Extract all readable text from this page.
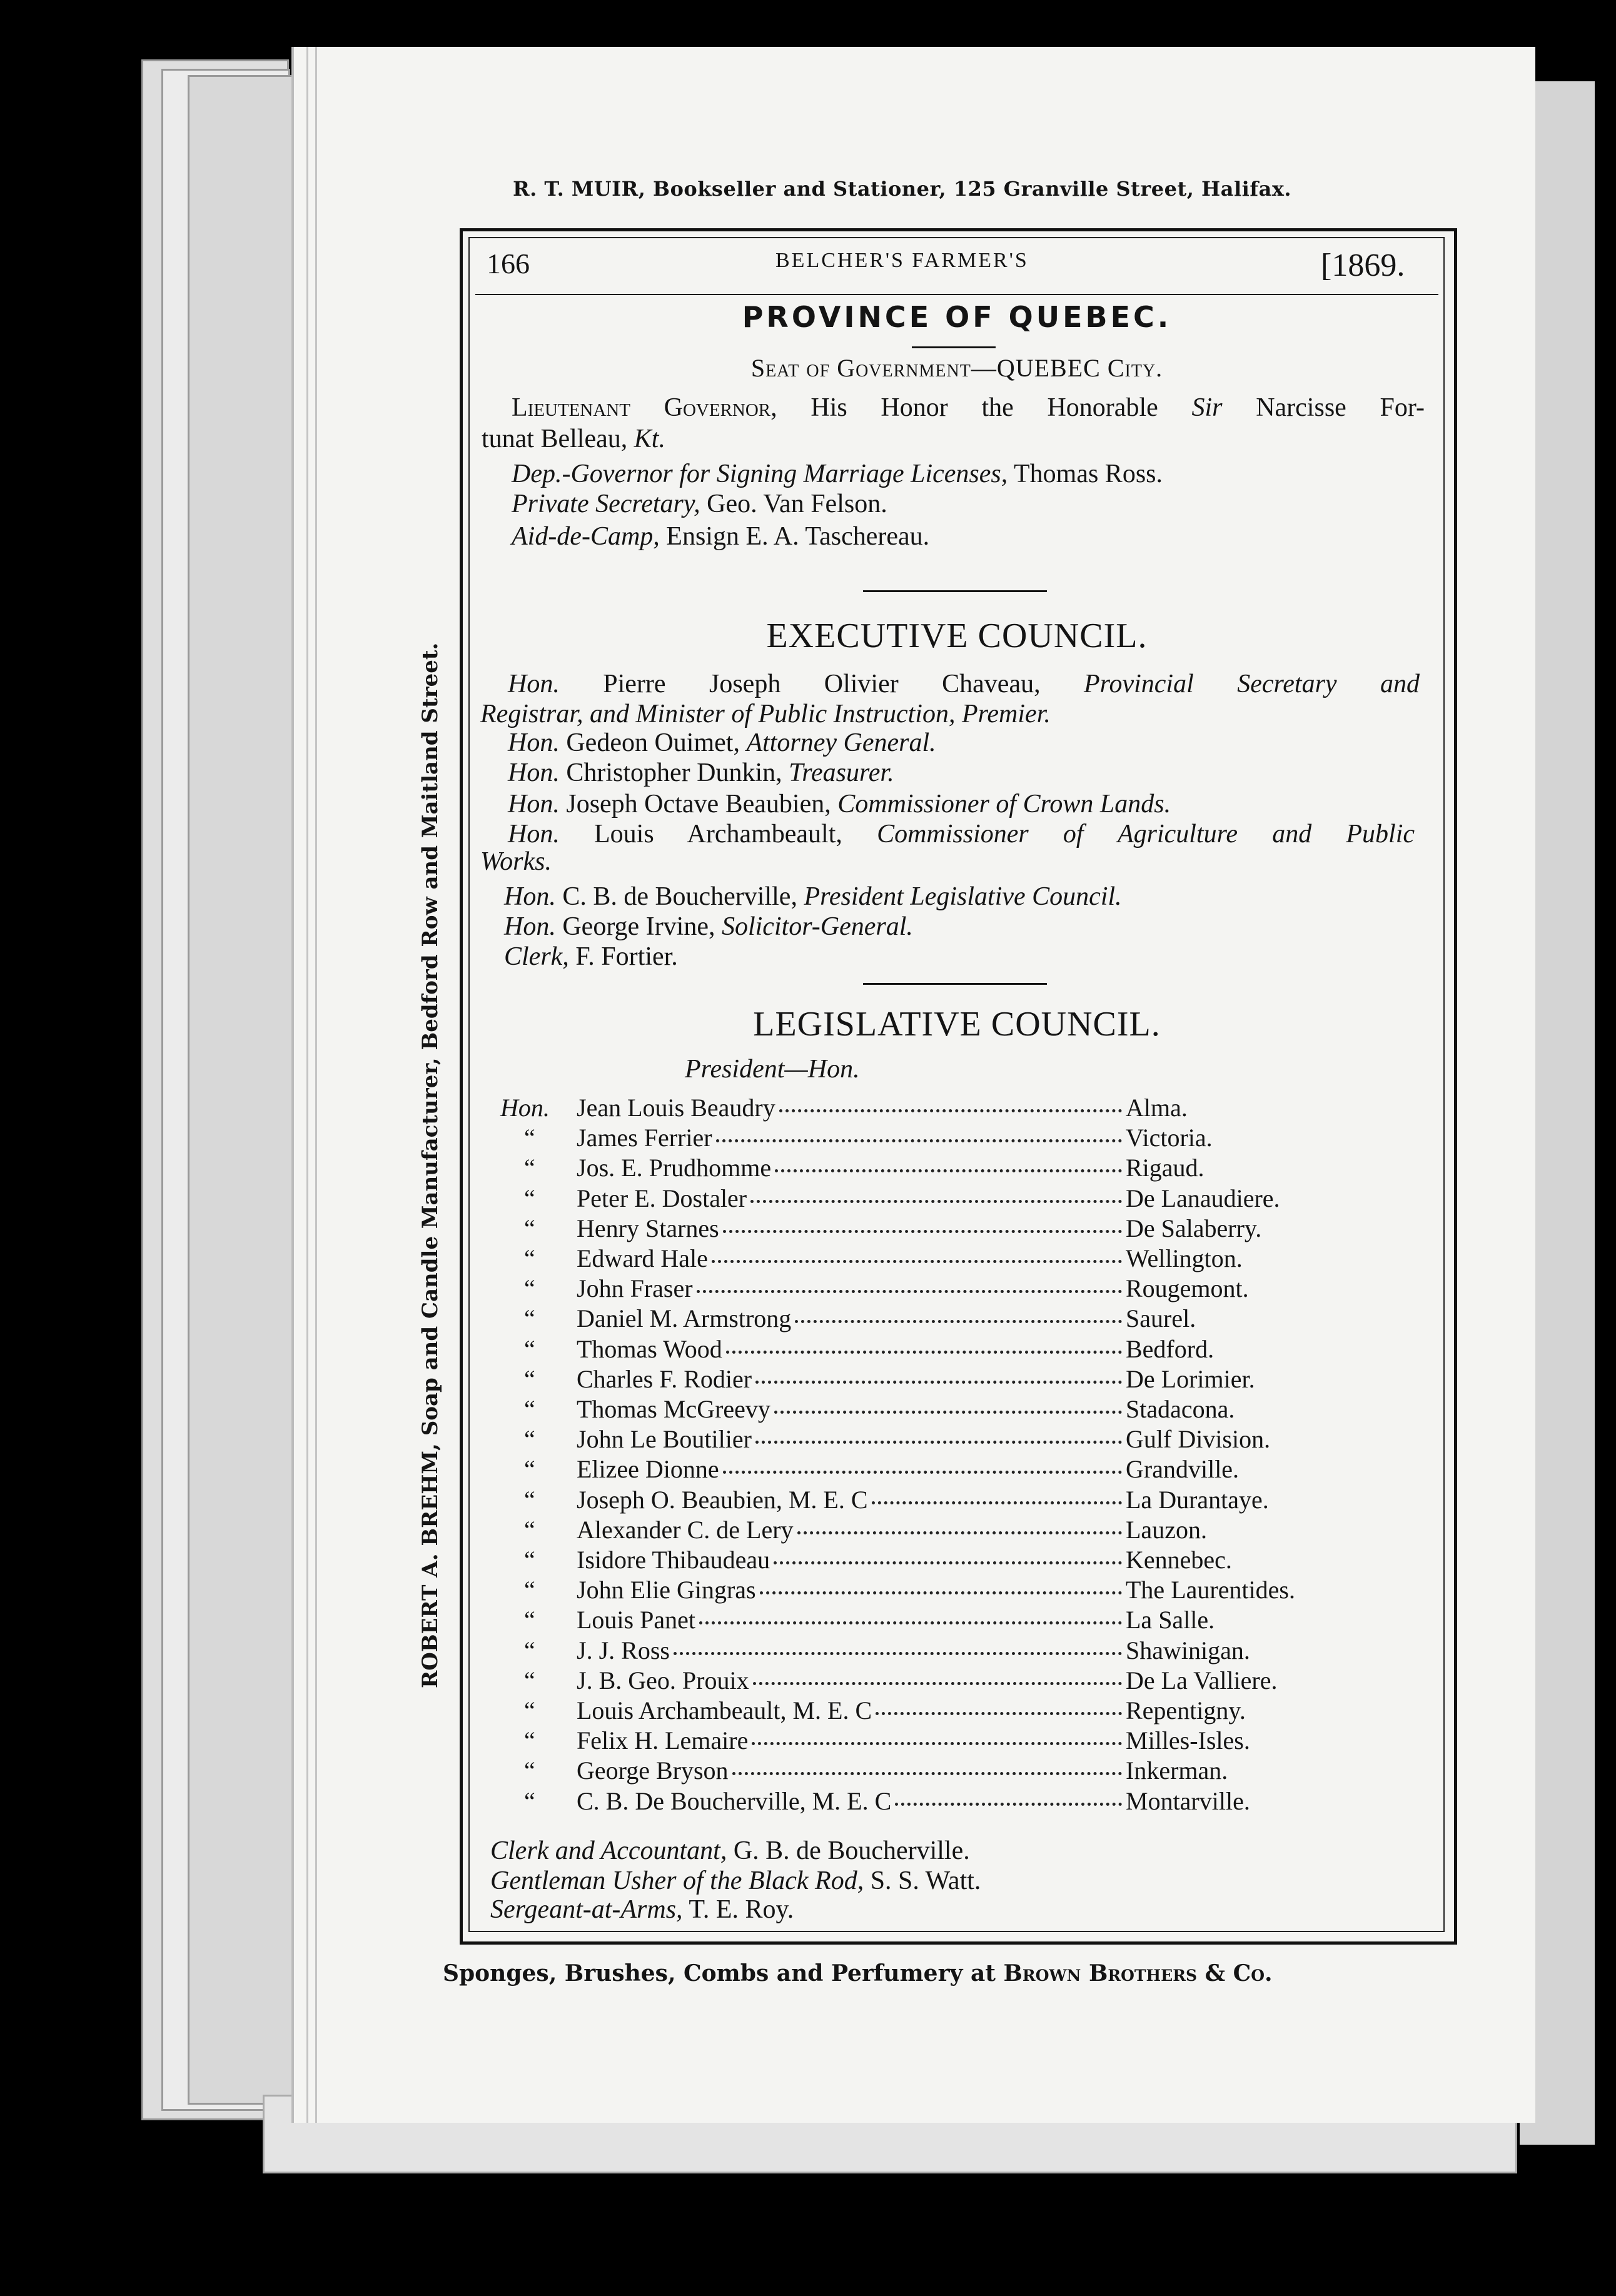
R. T. MUIR, Bookseller and Stationer, 125 Granville Street, Halifax.
ROBERT A. BREHM, Soap and Candle Manufacturer, Bedford Row and Maitland Street.
Sponges, Brushes, Combs and Perfumery at Brown Brothers & Co.
166	BELCHER'S FARMER'S	[1869.
PROVINCE OF QUEBEC.
Seat of Government—QUEBEC City.
Lieutenant Governor, His Honor the Honorable Sir Narcisse For-
tunat Belleau, Kt.
Dep.-Governor for Signing Marriage Licenses, Thomas Ross.
Private Secretary, Geo. Van Felson.
Aid-de-Camp, Ensign E. A. Taschereau.
EXECUTIVE COUNCIL.
Hon. Pierre Joseph Olivier Chaveau, Provincial Secretary and
Registrar, and Minister of Public Instruction, Premier.
Hon. Gedeon Ouimet, Attorney General.
Hon. Christopher Dunkin, Treasurer.
Hon. Joseph Octave Beaubien, Commissioner of Crown Lands.
Hon. Louis Archambeault, Commissioner of Agriculture and Public
Works.
Hon. C. B. de Boucherville, President Legislative Council.
Hon. George Irvine, Solicitor-General.
Clerk, F. Fortier.
LEGISLATIVE COUNCIL.
President—Hon.
Hon. Jean Louis Beaudry	Alma.
“ James Ferrier	Victoria.
“ Jos. E. Prudhomme	Rigaud.
“ Peter E. Dostaler	De Lanaudiere.
“ Henry Starnes	De Salaberry.
“ Edward Hale	Wellington.
“ John Fraser	Rougemont.
“ Daniel M. Armstrong	Saurel.
“ Thomas Wood	Bedford.
“ Charles F. Rodier	De Lorimier.
“ Thomas McGreevy	Stadacona.
“ John Le Boutilier	Gulf Division.
“ Elizee Dionne	Grandville.
“ Joseph O. Beaubien, M. E. C	La Durantaye.
“ Alexander C. de Lery	Lauzon.
“ Isidore Thibaudeau	Kennebec.
“ John Elie Gingras	The Laurentides.
“ Louis Panet	La Salle.
“ J. J. Ross	Shawinigan.
“ J. B. Geo. Prouix	De La Valliere.
“ Louis Archambeault, M. E. C	Repentigny.
“ Felix H. Lemaire	Milles-Isles.
“ George Bryson	Inkerman.
“ C. B. De Boucherville, M. E. C	Montarville.
Clerk and Accountant, G. B. de Boucherville.
Gentleman Usher of the Black Rod, S. S. Watt.
Sergeant-at-Arms, T. E. Roy.
